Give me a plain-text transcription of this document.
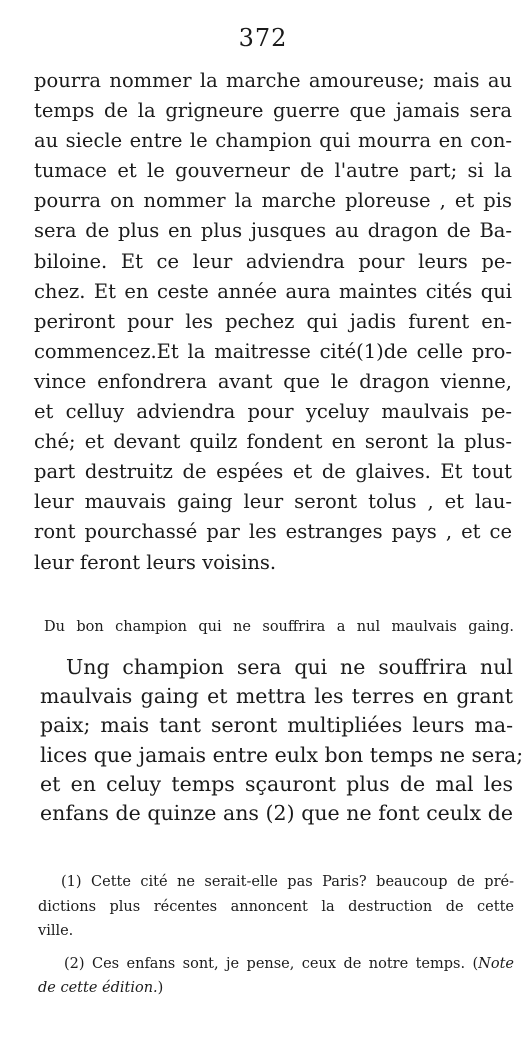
372
pourra nommer la marche amoureuse; mais au
temps de la grigneure guerre que jamais sera
au siecle entre le champion qui mourra en con-
tumace et le gouverneur de l'autre part; si la
pourra on nommer la marche ploreuse , et pis
sera de plus en plus jusques au dragon de Ba-
biloine. Et ce leur adviendra pour leurs pe-
chez. Et en ceste année aura maintes cités qui
periront pour les pechez qui jadis furent en-
commencez.Et la maitresse cité(1)de celle pro-
vince enfondrera avant que le dragon vienne,
et celluy adviendra pour yceluy maulvais pe-
ché; et devant quilz fondent en seront la plus-
part destruitz de espées et de glaives. Et tout
leur mauvais gaing leur seront tolus , et lau-
ront pourchassé par les estranges pays , et ce
leur feront leurs voisins.
Du bon champion qui ne souffrira a nul maulvais gaing.
Ung champion sera qui ne souffrira nul
maulvais gaing et mettra les terres en grant
paix; mais tant seront multipliées leurs ma-
lices que jamais entre eulx bon temps ne sera;
et en celuy temps sçauront plus de mal les
enfans de quinze ans (2) que ne font ceulx de
(1) Cette cité ne serait-elle pas Paris? beaucoup de pré-
dictions plus récentes annoncent la destruction de cette
ville.
(2) Ces enfans sont, je pense, ceux de notre temps. (Note
de cette édition.)
